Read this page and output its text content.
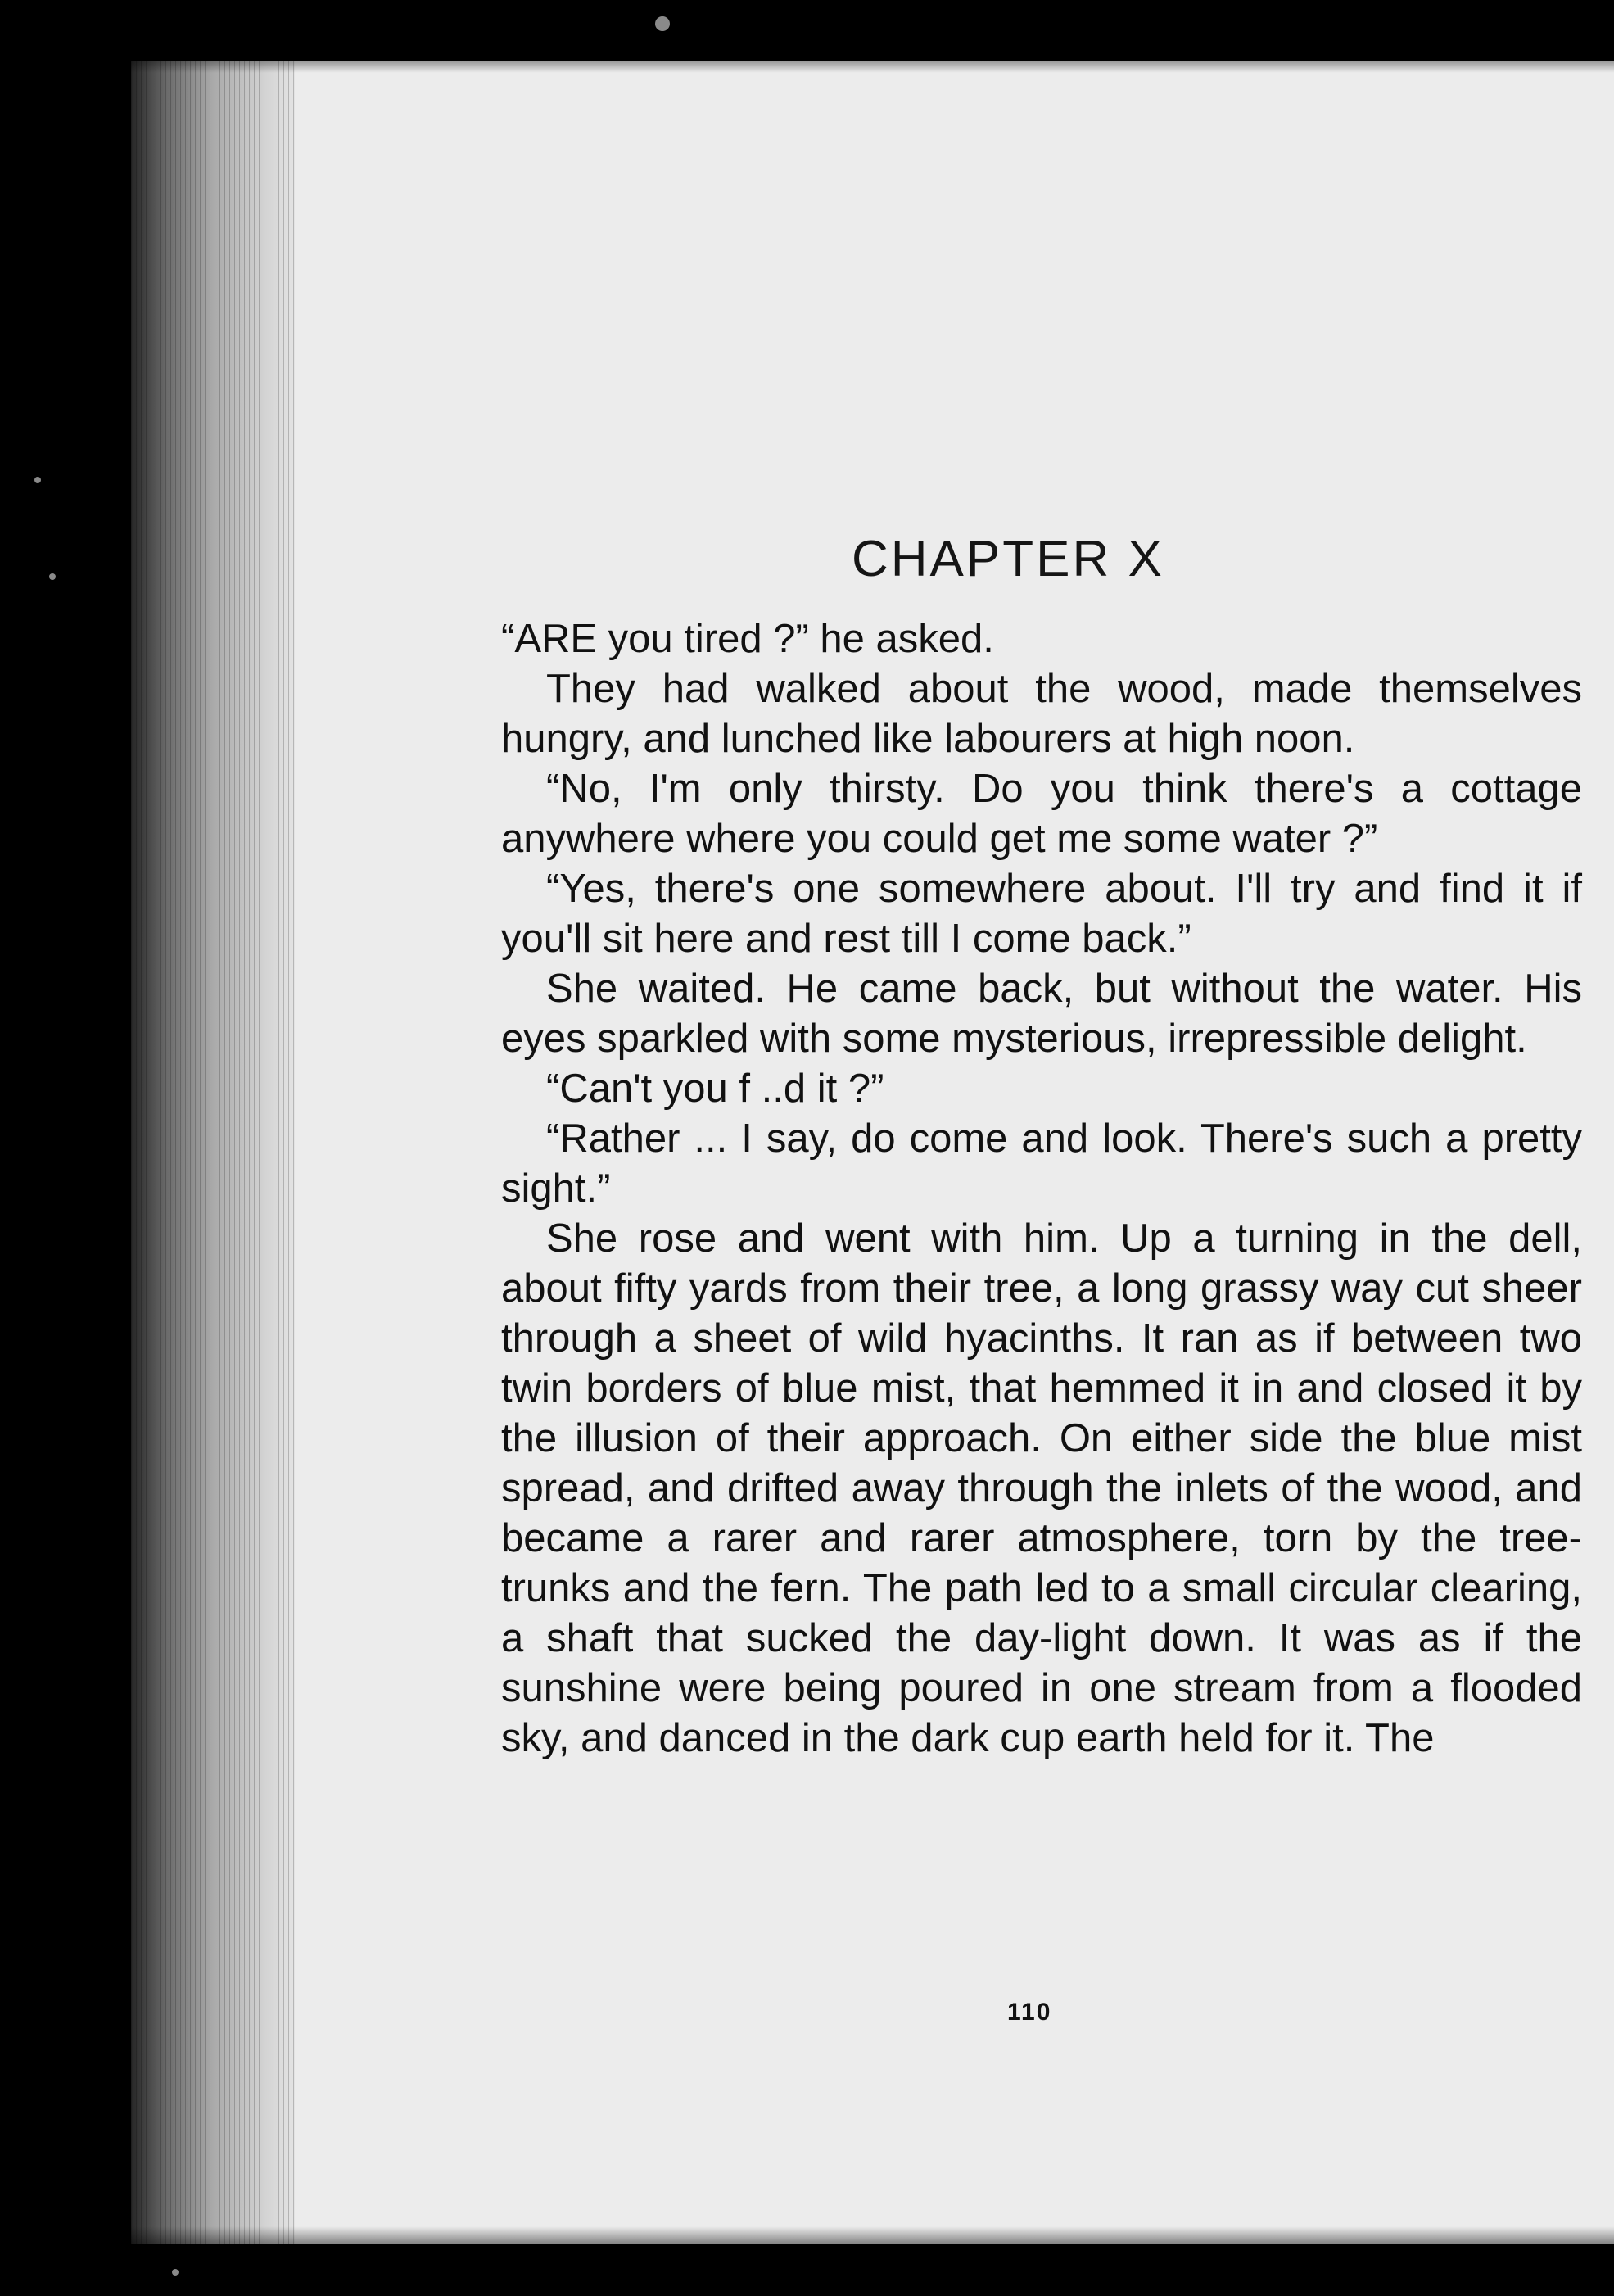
CHAPTER X

“ARE you tired ?” he asked.

They had walked about the wood, made themselves hungry, and lunched like labourers at high noon.

“No, I'm only thirsty. Do you think there's a cottage anywhere where you could get me some water ?”

“Yes, there's one somewhere about. I'll try and find it if you'll sit here and rest till I come back.”

She waited. He came back, but without the water. His eyes sparkled with some mysterious, irrepressible delight.

“Can't you f ..d it ?”

“Rather ... I say, do come and look. There's such a pretty sight.”

She rose and went with him. Up a turning in the dell, about fifty yards from their tree, a long grassy way cut sheer through a sheet of wild hyacinths. It ran as if between two twin borders of blue mist, that hemmed it in and closed it by the illusion of their approach. On either side the blue mist spread, and drifted away through the inlets of the wood, and became a rarer and rarer atmosphere, torn by the tree-trunks and the fern. The path led to a small circular clearing, a shaft that sucked the day-light down. It was as if the sunshine were being poured in one stream from a flooded sky, and danced in the dark cup earth held for it. The

110
